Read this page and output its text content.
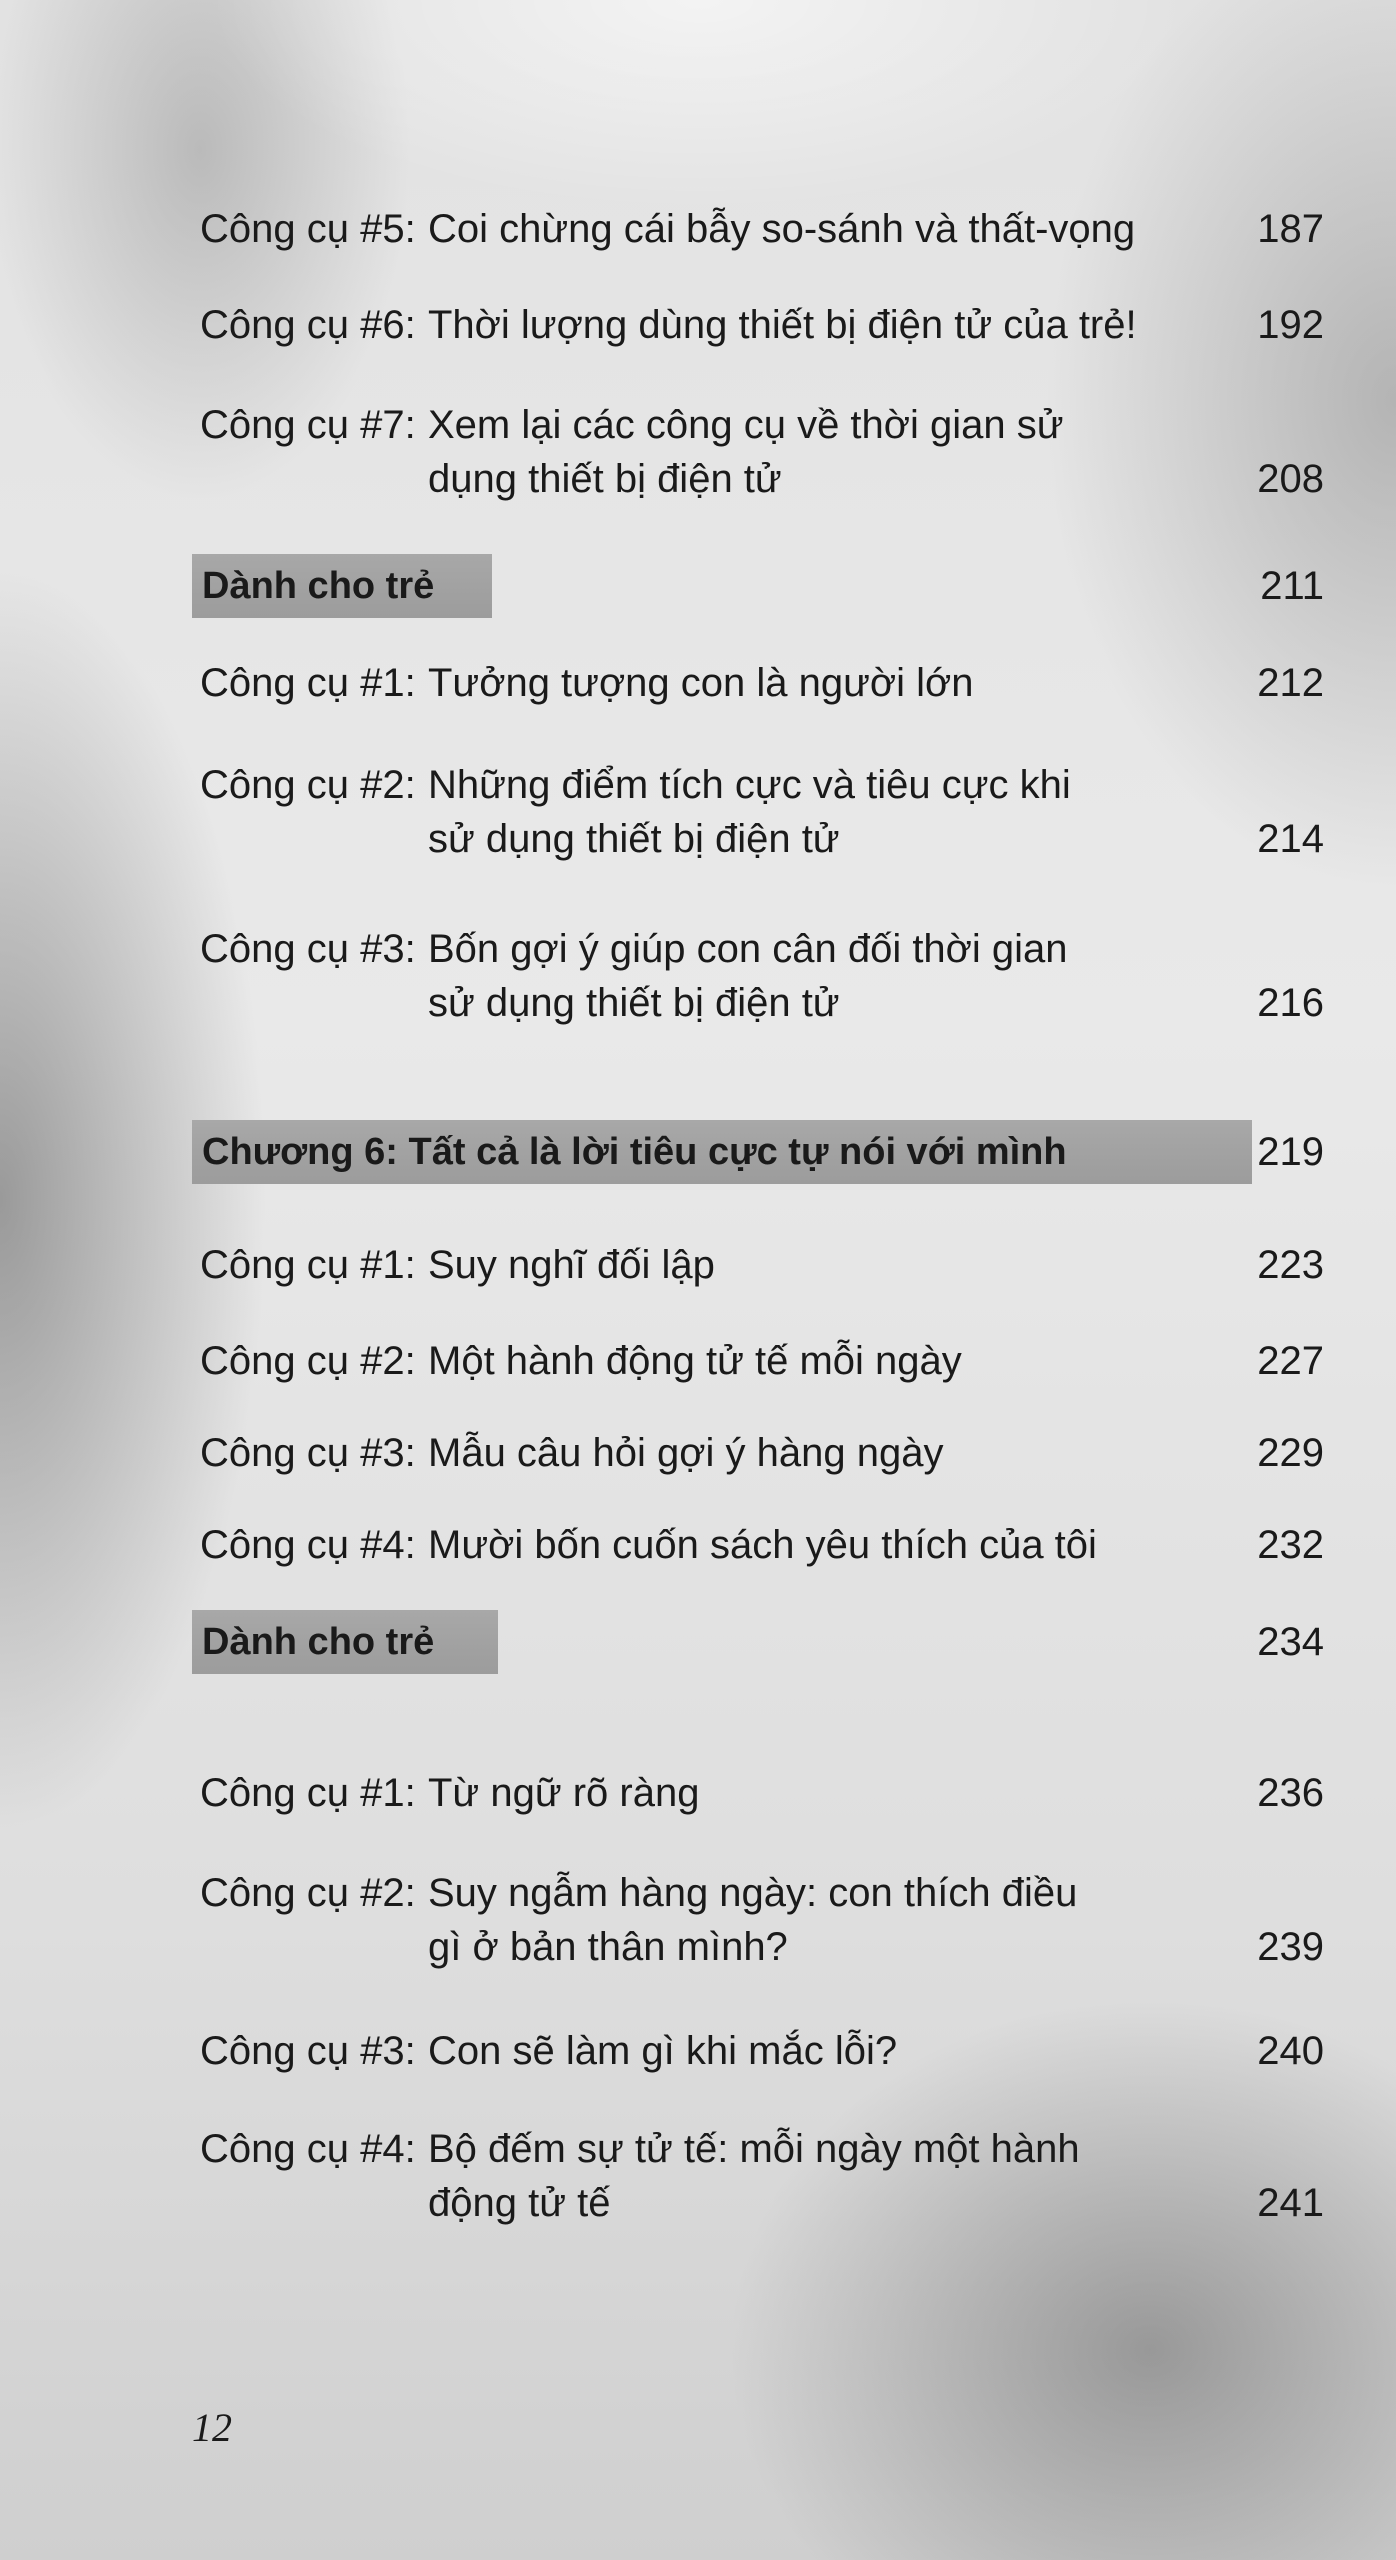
Công cụ #5: Coi chừng cái bẫy so-sánh và thất-vọng	187
Công cụ #6: Thời lượng dùng thiết bị điện tử của trẻ!	192
Công cụ #7: Xem lại các công cụ về thời gian sử
dụng thiết bị điện tử	208
Dành cho trẻ	211
Công cụ #1: Tưởng tượng con là người lớn	212
Công cụ #2: Những điểm tích cực và tiêu cực khi
sử dụng thiết bị điện tử	214
Công cụ #3: Bốn gợi ý giúp con cân đối thời gian
sử dụng thiết bị điện tử	216
Chương 6: Tất cả là lời tiêu cực tự nói với mình	219
Công cụ #1: Suy nghĩ đối lập	223
Công cụ #2: Một hành động tử tế mỗi ngày	227
Công cụ #3: Mẫu câu hỏi gợi ý hàng ngày	229
Công cụ #4: Mười bốn cuốn sách yêu thích của tôi	232
Dành cho trẻ	234
Công cụ #1: Từ ngữ rõ ràng	236
Công cụ #2: Suy ngẫm hàng ngày: con thích điều
gì ở bản thân mình?	239
Công cụ #3: Con sẽ làm gì khi mắc lỗi?	240
Công cụ #4: Bộ đếm sự tử tế: mỗi ngày một hành
động tử tế	241
12
